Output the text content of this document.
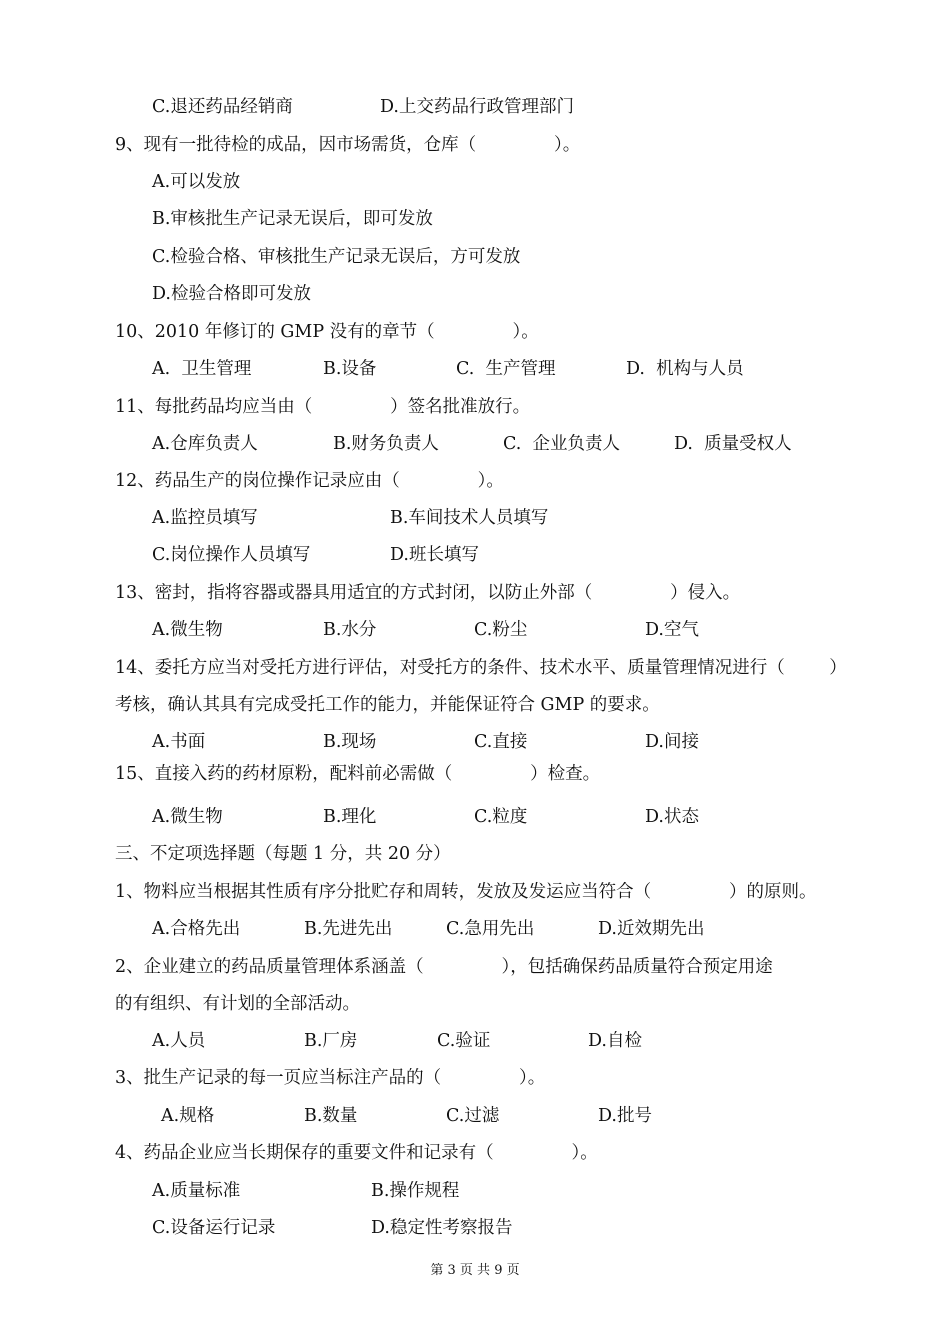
C.退还药品经销商	D.上交药品行政管理部门
9、现有一批待检的成品，因市场需货，仓库（              ）。
A.可以发放
B.审核批生产记录无误后，即可发放
C.检验合格、审核批生产记录无误后，方可发放
D.检验合格即可发放
10、2010 年修订的 GMP 没有的章节（              ）。
A.  卫生管理	B.设备	C.  生产管理	D.  机构与人员
11、每批药品均应当由（              ）签名批准放行。
A.仓库负责人	B.财务负责人	C.  企业负责人	D.  质量受权人
12、药品生产的岗位操作记录应由（              ）。
A.监控员填写	B.车间技术人员填写
C.岗位操作人员填写	D.班长填写
13、密封，指将容器或器具用适宜的方式封闭，以防止外部（              ）侵入。
A.微生物	B.水分	C.粉尘	D.空气
14、委托方应当对受托方进行评估，对受托方的条件、技术水平、质量管理情况进行（        ）
考核，确认其具有完成受托工作的能力，并能保证符合 GMP 的要求。
A.书面	B.现场	C.直接	D.间接
15、直接入药的药材原粉，配料前必需做（              ）检查。
A.微生物	B.理化	C.粒度	D.状态
三、不定项选择题（每题 1 分，共 20 分）
1、物料应当根据其性质有序分批贮存和周转，发放及发运应当符合（              ）的原则。
A.合格先出	B.先进先出	C.急用先出	D.近效期先出
2、企业建立的药品质量管理体系涵盖（              ），包括确保药品质量符合预定用途
的有组织、有计划的全部活动。
A.人员	B.厂房	C.验证	D.自检
3、批生产记录的每一页应当标注产品的（              ）。
A.规格	B.数量	C.过滤	D.批号
4、药品企业应当长期保存的重要文件和记录有（              ）。
A.质量标准	B.操作规程
C.设备运行记录	D.稳定性考察报告
第 3 页 共 9 页
